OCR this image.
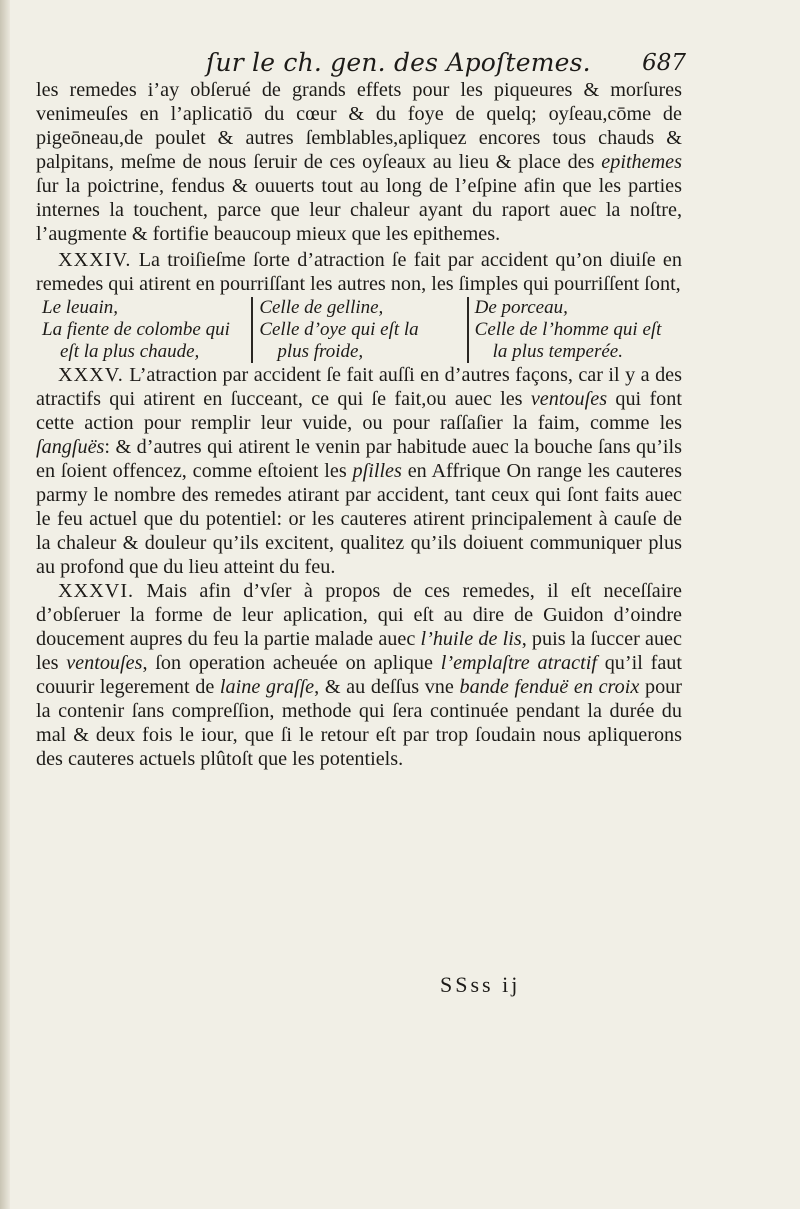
ſur le ch. gen. des Apoſtemes. 687

les remedes i’ay obſerué de grands effets pour les piqueures & morſures venimeuſes en l’aplicatiō du cœur & du foye de quelq; oyſeau,cōme de pigeōneau,de poulet & autres ſemblables,apliquez encores tous chauds & palpitans, meſme de nous ſeruir de ces oyſeaux au lieu & place des epithemes ſur la poictrine, fendus & ouuerts tout au long de l’eſpine afin que les parties internes la touchent, parce que leur chaleur ayant du raport auec la noſtre, l’augmente & fortifie beaucoup mieux que les epithemes.

XXXIV. La troiſieſme ſorte d’atraction ſe fait par accident qu’on diuiſe en remedes qui atirent en pourriſſant les autres non, les ſimples qui pourriſſent ſont,

Le leuain,
La fiente de colombe qui
eſt la plus chaude,
Celle de gelline,
Celle d’oye qui eſt la
plus froide,
De porceau,
Celle de l’homme qui eſt
la plus temperée.

XXXV. L’atraction par accident ſe fait auſſi en d’autres façons, car il y a des atractifs qui atirent en ſucceant, ce qui ſe fait,ou auec les ventouſes qui font cette action pour remplir leur vuide, ou pour raſſaſier la faim, comme les ſangſuës: & d’autres qui atirent le venin par habitude auec la bouche ſans qu’ils en ſoient offencez, comme eſtoient les pſilles en Affrique On range les cauteres parmy le nombre des remedes atirant par accident, tant ceux qui ſont faits auec le feu actuel que du potentiel: or les cauteres atirent principalement à cauſe de la chaleur & douleur qu’ils excitent, qualitez qu’ils doiuent communiquer plus au profond que du lieu atteint du feu.

XXXVI. Mais afin d’vſer à propos de ces remedes, il eſt neceſſaire d’obſeruer la forme de leur aplication, qui eſt au dire de Guidon d’oindre doucement aupres du feu la partie malade auec l’huile de lis, puis la ſuccer auec les ventouſes, ſon operation acheuée on aplique l’emplaſtre atractif qu’il faut couurir legerement de laine graſſe, & au deſſus vne bande fenduë en croix pour la contenir ſans compreſſion, methode qui ſera continuée pendant la durée du mal & deux fois le iour, que ſi le retour eſt par trop ſoudain nous apliquerons des cauteres actuels plûtoſt que les potentiels.

SSss ij
